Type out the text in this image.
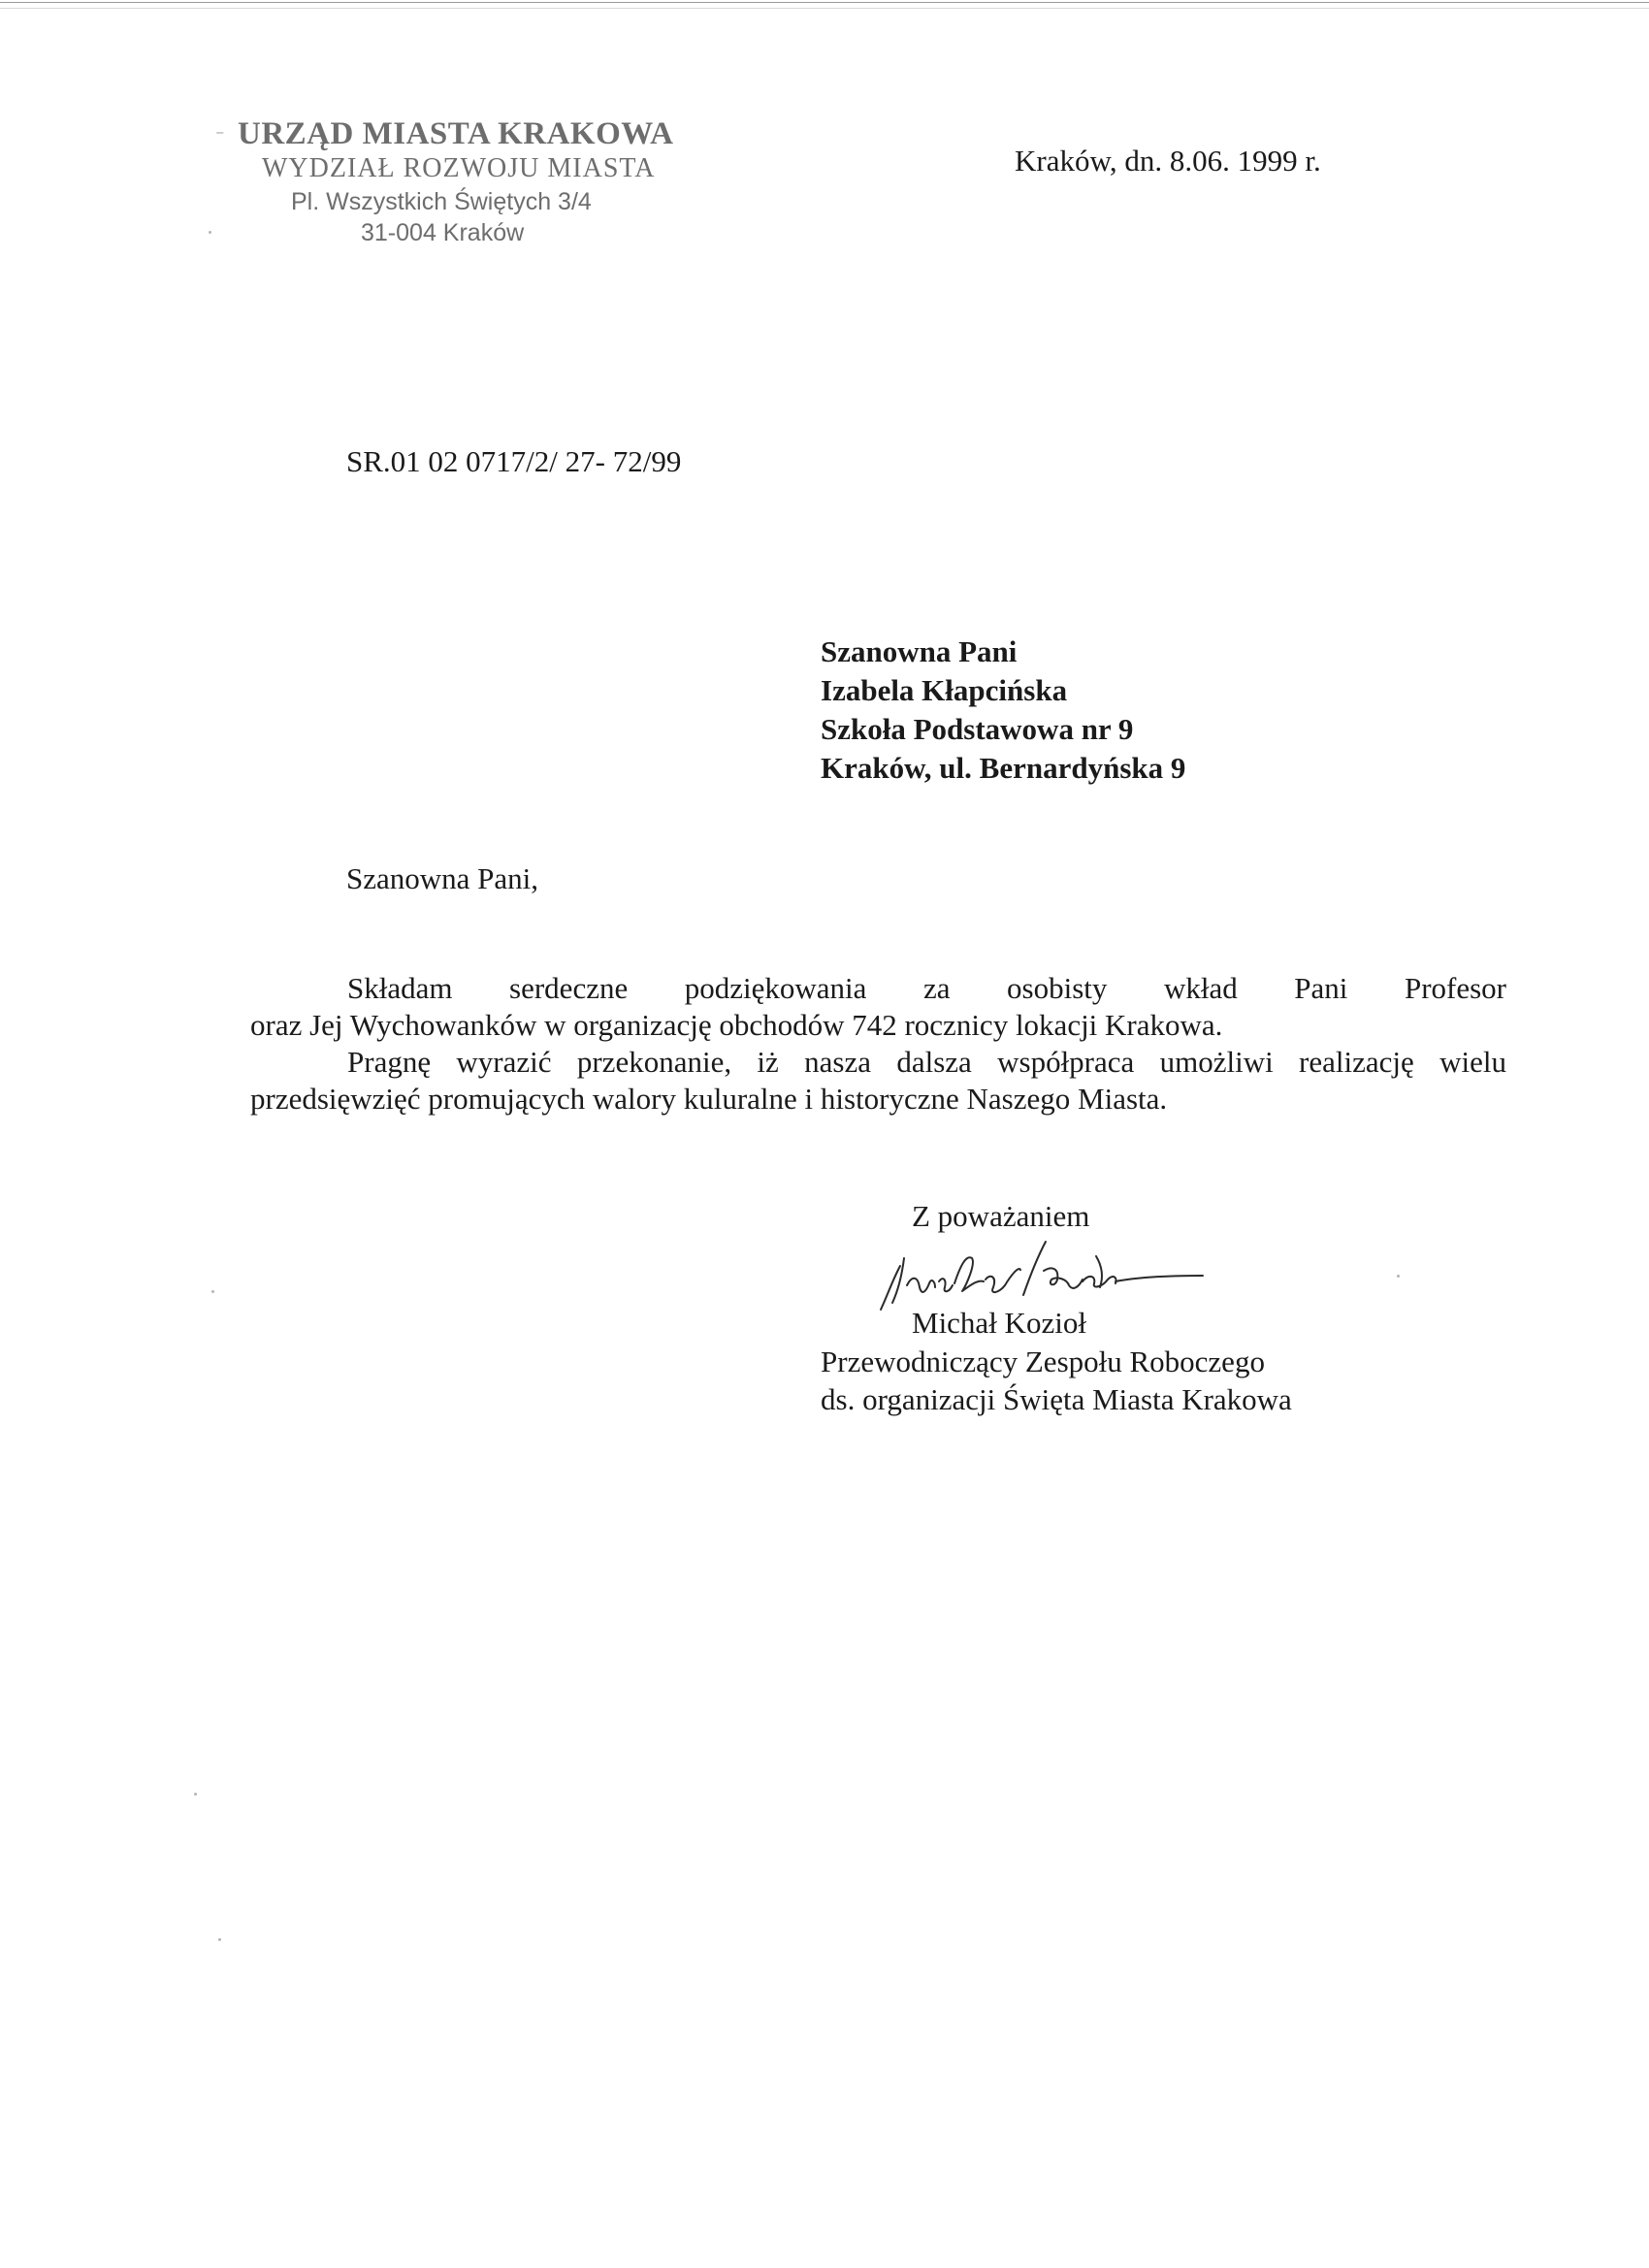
⁻ URZĄD MIASTA KRAKOWA
WYDZIAŁ ROZWOJU MIASTA
Pl. Wszystkich Świętych 3/4
31-004 Kraków
Kraków, dn. 8.06. 1999 r.
SR.01 02 0717/2/ 27- 72/99
Szanowna Pani
Izabela Kłapcińska
Szkoła Podstawowa nr 9
Kraków, ul. Bernardyńska 9
Szanowna Pani,

Składam serdeczne podziękowania za osobisty wkład Pani Profesor

oraz Jej Wychowanków w organizację obchodów 742 rocznicy lokacji Krakowa.

Pragnę wyrazić przekonanie, iż nasza dalsza współpraca umożliwi realizację wielu

przedsięwzięć promujących walory kuluralne i historyczne Naszego Miasta.

Z poważaniem
Michał Kozioł
Przewodniczący Zespołu Roboczego
ds. organizacji Święta Miasta Krakowa
